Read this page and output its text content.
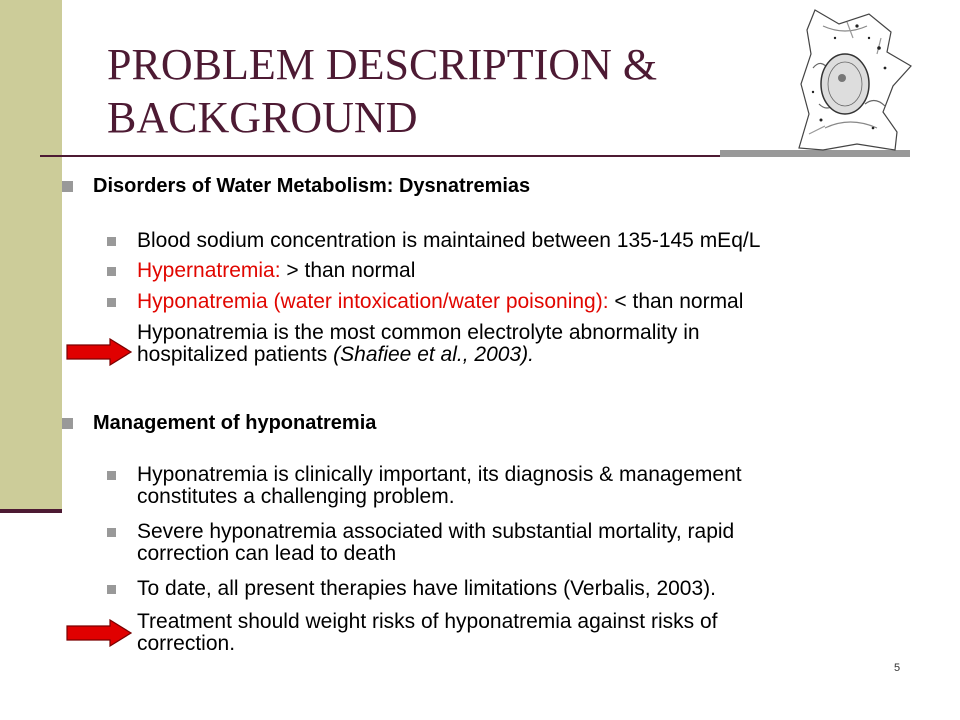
PROBLEM DESCRIPTION &
BACKGROUND
Disorders of Water Metabolism: Dysnatremias
Blood sodium concentration is maintained between 135-145 mEq/L
Hypernatremia: > than normal
Hyponatremia (water intoxication/water poisoning): < than normal
Hyponatremia is the most common electrolyte abnormality in
hospitalized patients (Shafiee et al., 2003).
Management of hyponatremia
Hyponatremia is clinically important, its diagnosis & management
constitutes a challenging problem.
Severe hyponatremia associated with substantial mortality, rapid
correction can lead to death
To date, all present therapies have limitations (Verbalis, 2003).
Treatment should weight risks of hyponatremia against risks of
correction.
5
